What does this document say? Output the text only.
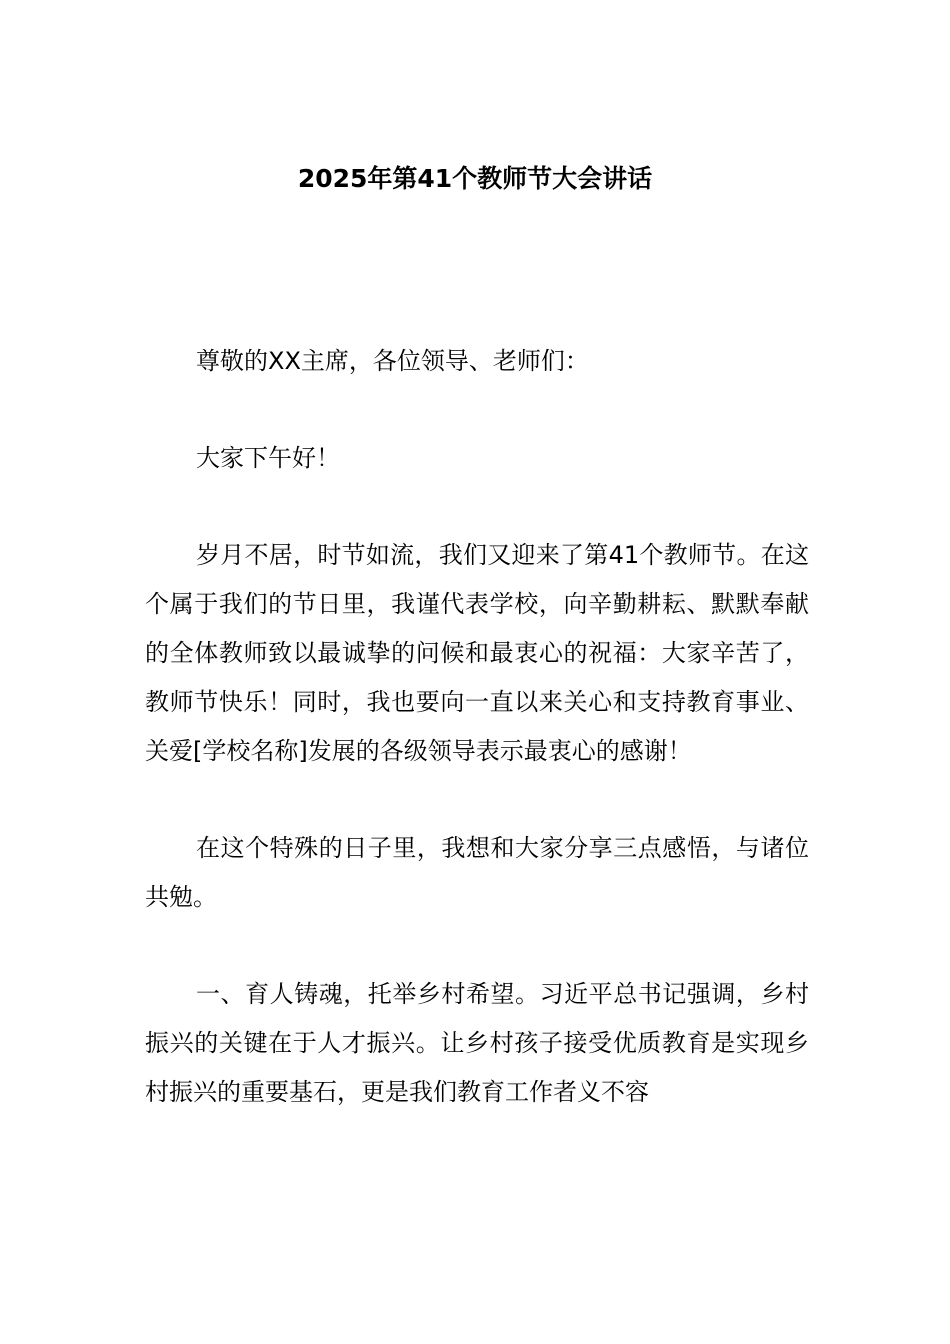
2025年第41个教师节大会讲话

尊敬的XX主席，各位领导、老师们：

大家下午好！

岁月不居，时节如流，我们又迎来了第41个教师节。在这个属于我们的节日里，我谨代表学校，向辛勤耕耘、默默奉献的全体教师致以最诚挚的问候和最衷心的祝福：大家辛苦了，教师节快乐！同时，我也要向一直以来关心和支持教育事业、关爱[学校名称]发展的各级领导表示最衷心的感谢！

在这个特殊的日子里，我想和大家分享三点感悟，与诸位共勉。

一、育人铸魂，托举乡村希望。习近平总书记强调，乡村振兴的关键在于人才振兴。让乡村孩子接受优质教育是实现乡村振兴的重要基石，更是我们教育工作者义不容
